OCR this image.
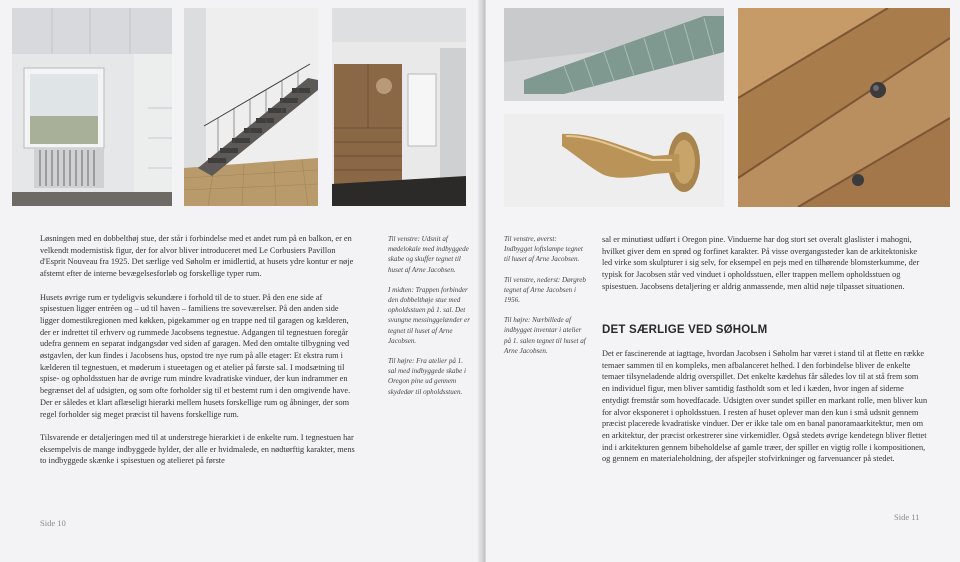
Løsningen med en dobbelthøj stue, der står i forbindelse med et andet rum på en balkon, er en velkendt modernistisk figur, der for alvor bliver introduceret med Le Corbusiers Pavillon d'Esprit Nouveau fra 1925. Det særlige ved Søholm er imidlertid, at husets ydre kontur er nøje afstemt efter de interne bevægelsesforløb og forskellige typer rum.

Husets øvrige rum er tydeligvis sekundære i forhold til de to stuer. På den ene side af spisestuen ligger entréen og – ud til haven – familiens tre soveværelser. På den anden side ligger domestikregionen med køkken, pigekammer og en trappe ned til garagen og kælderen, der er indrettet til erhverv og rummede Jacobsens tegnestue. Adgangen til tegnestuen foregår udefra gennem en separat indgangsdør ved siden af garagen. Med den omtalte tilbygning ved østgavlen, der kun findes i Jacobsens hus, opstod tre nye rum på alle etager: Et ekstra rum i kælderen til tegnestuen, et møderum i stueetagen og et atelier på første sal. I modsætning til spise- og opholdsstuen har de øvrige rum mindre kvadratiske vinduer, der kun indrammer en begrænset del af udsigten, og som ofte forholder sig til et bestemt rum i den omgivende have. Der er således et klart aflæseligt hierarki mellem husets forskellige rum og åbninger, der som regel forholder sig meget præcist til havens forskellige rum.

Tilsvarende er detaljeringen med til at understrege hierarkiet i de enkelte rum. I tegnestuen har eksempelvis de mange indbyggede hylder, der alle er hvidmalede, en nødtørftig karakter, mens to indbyggede skænke i spisestuen og atelieret på første

Til venstre: Udsnit af mødelokale med indbyggede skabe og skuffer tegnet til huset af Arne Jacobsen.

I midten: Trappen forbinder den dobbelthøje stue med opholdsstuen på 1. sal. Det svungne messinggelænder er tegnet til huset af Arne Jacobsen.

Til højre: Fra atelier på 1. sal med indbyggede skabe i Oregon pine ud gennem skydedør til opholdsstuen.

Side 10

Til venstre, øverst: Indbygget loftslampe tegnet til huset af Arne Jacobsen.

Til venstre, nederst: Dørgreb tegnet af Arne Jacobsen i 1956.

Til højre: Nærbillede af indbygget inventar i atelier på 1. salen tegnet til huset af Arne Jacobsen.

sal er minutiøst udført i Oregon pine. Vinduerne har dog stort set overalt glaslister i mahogni, hvilket giver dem en sprød og forfinet karakter. På visse overgangssteder kan de arkitektoniske led virke som skulpturer i sig selv, for eksempel en pejs med en tilhørende blomsterkumme, der typisk for Jacobsen står ved vinduet i opholdsstuen, eller trappen mellem opholdsstuen og spisestuen. Jacobsens detaljering er aldrig anmassende, men altid nøje tilpasset situationen.

DET SÆRLIGE VED SØHOLM

Det er fascinerende at iagttage, hvordan Jacobsen i Søholm har været i stand til at flette en række temaer sammen til en kompleks, men afbalanceret helhed. I den forbindelse bliver de enkelte temaer tilsyneladende aldrig overspillet. Det enkelte kædehus får således lov til at stå frem som en individuel figur, men bliver samtidig fastholdt som et led i kæden, hvor ingen af siderne entydigt fremstår som hovedfacade. Udsigten over sundet spiller en markant rolle, men bliver kun for alvor eksponeret i opholdsstuen. I resten af huset oplever man den kun i små udsnit gennem præcist placerede kvadratiske vinduer. Der er ikke tale om en banal panoramaarkitektur, men om en arkitektur, der præcist orkestrerer sine virkemidler. Også stedets øvrige kendetegn bliver flettet ind i arkitekturen gennem bibeholdelse af gamle træer, der spiller en vigtig rolle i kompositionen, og gennem en materialeholdning, der afspejler stofvirkninger og farvenuancer på stedet.

Side 11
